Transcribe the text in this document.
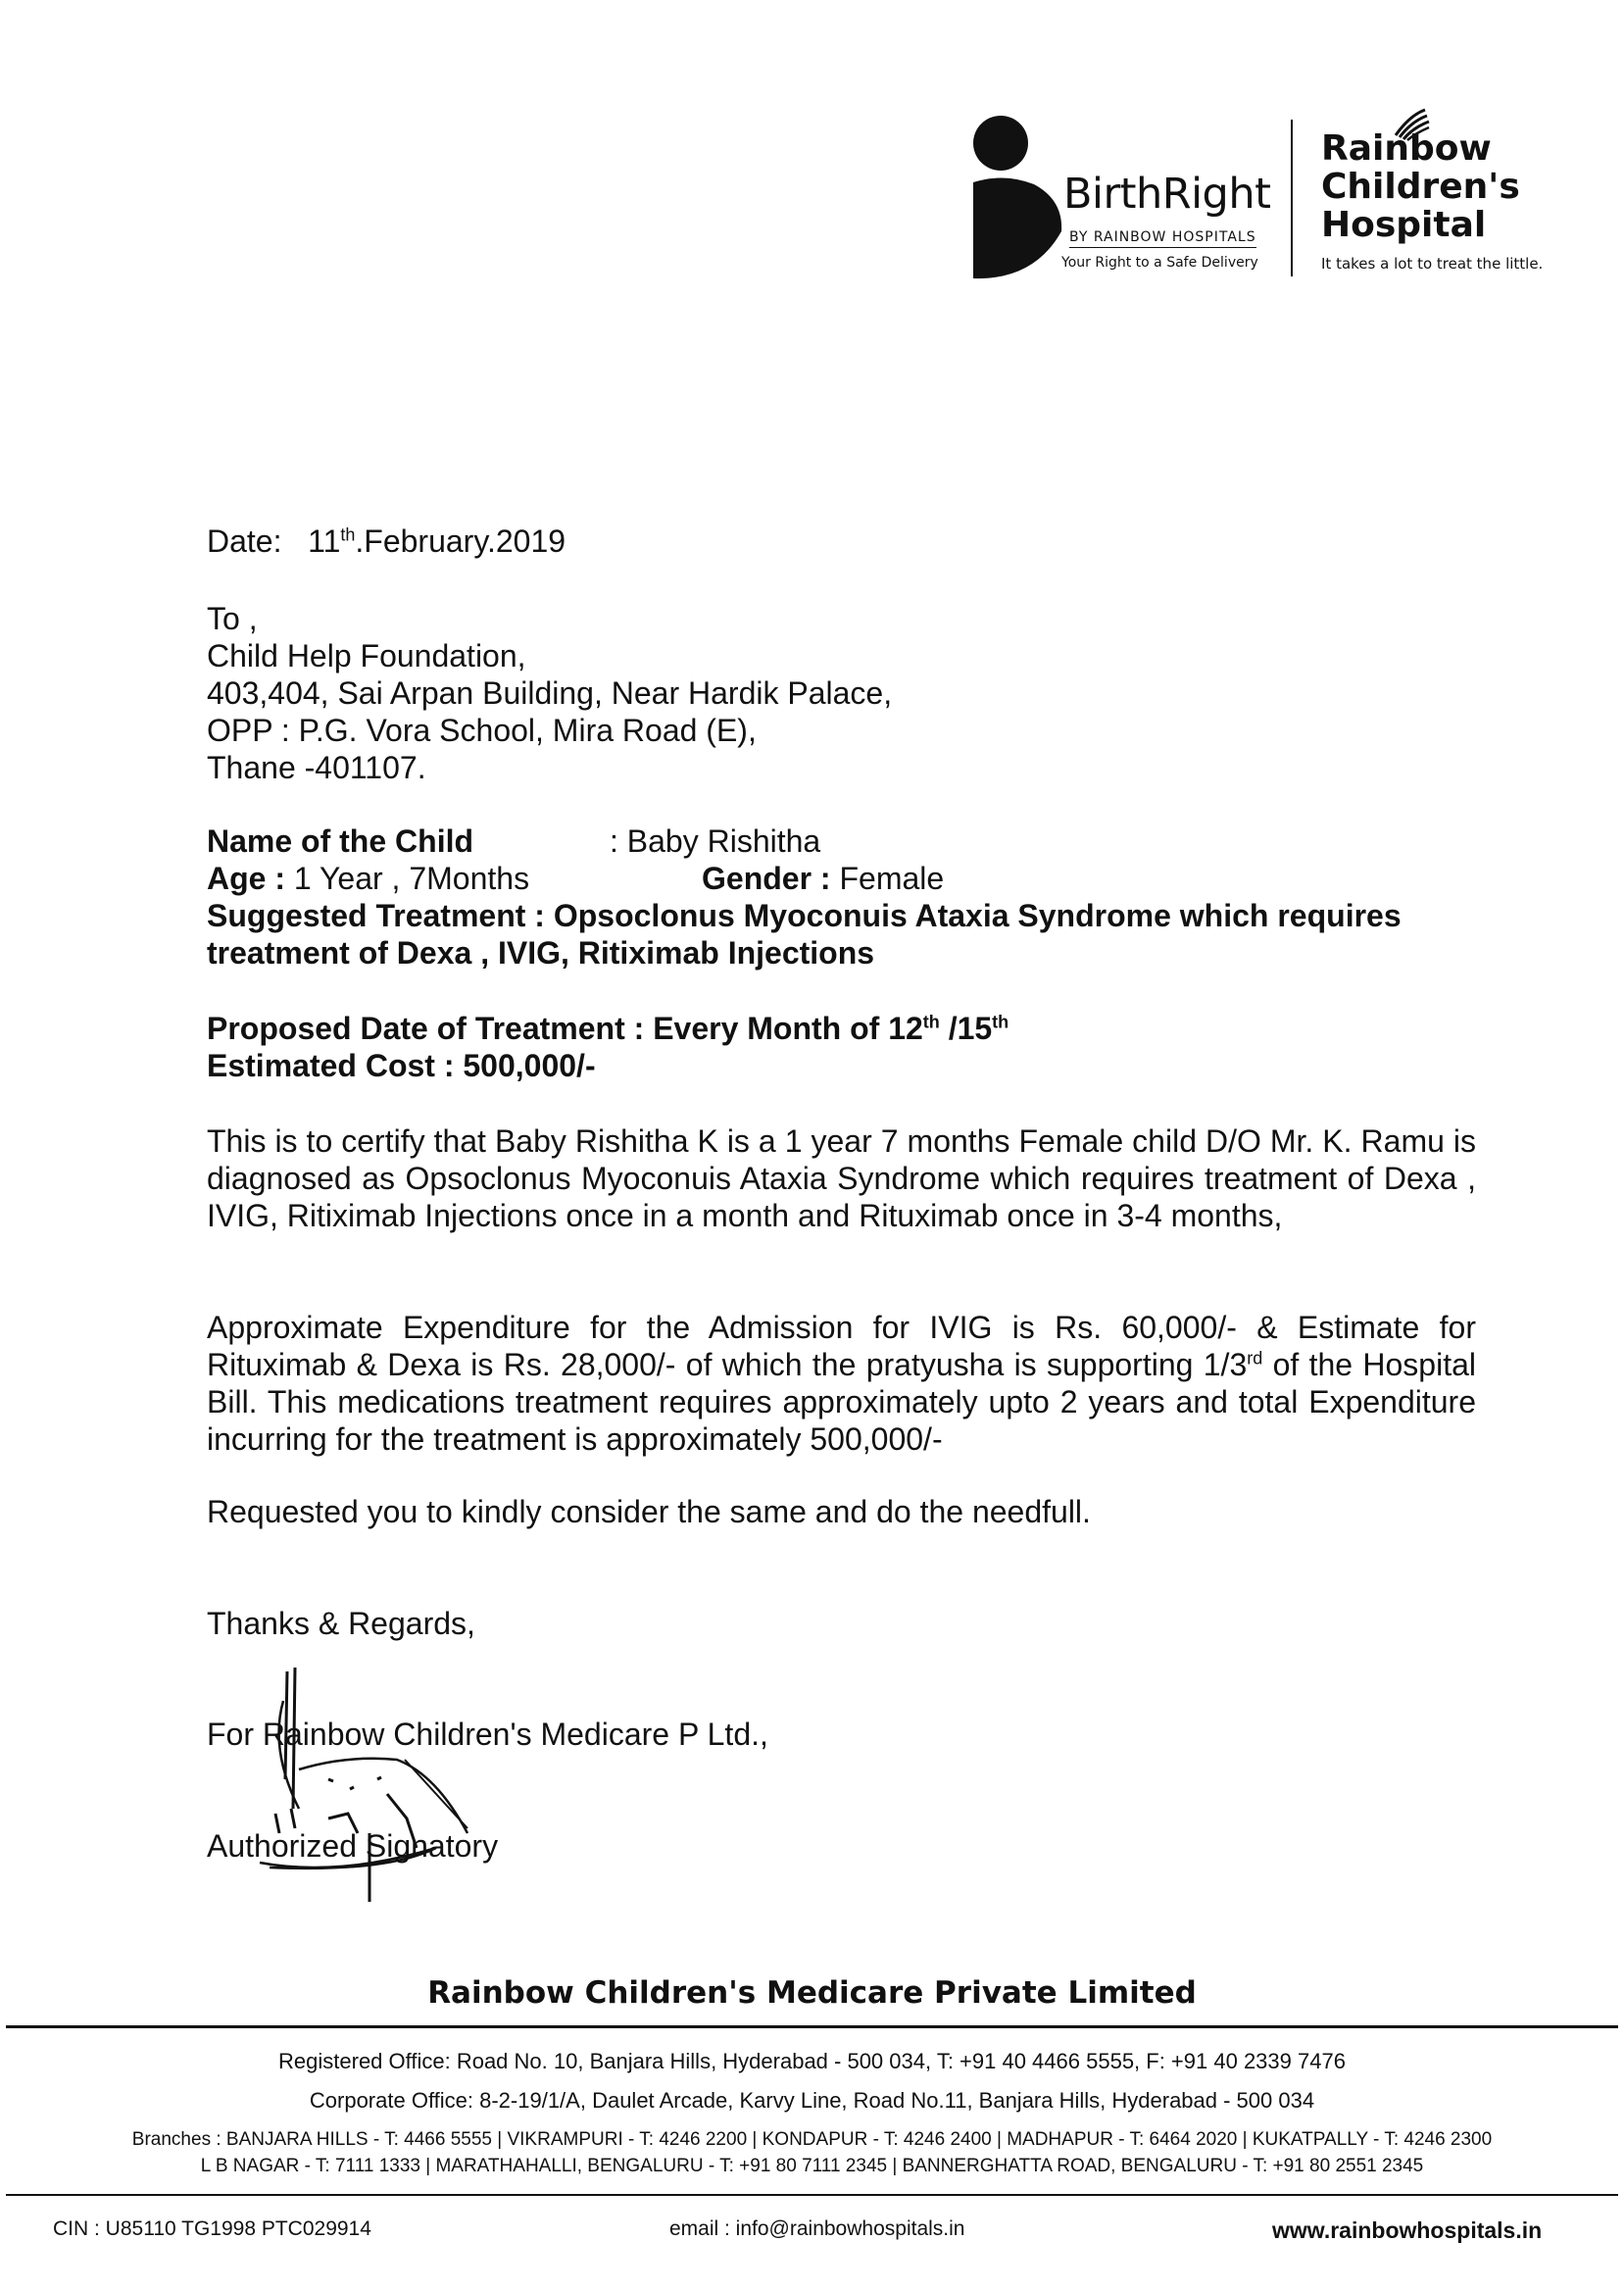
BirthRight
BY RAINBOW HOSPITALS
Your Right to a Safe Delivery
Rainbow
Children's
Hospital
It takes a lot to treat the little.
Date: 11th.February.2019
To ,
Child Help Foundation,
403,404, Sai Arpan Building, Near Hardik Palace,
OPP : P.G. Vora School, Mira Road (E),
Thane -401107.
Name of the Child	: Baby Rishitha
Age : 1 Year , 7Months	Gender : Female
Suggested Treatment : Opsoclonus Myoconuis Ataxia Syndrome which requires
treatment of Dexa , IVIG, Ritiximab Injections
Proposed Date of Treatment : Every Month of 12th /15th
Estimated Cost : 500,000/-
This is to certify that Baby Rishitha K is a 1 year 7 months Female child D/O Mr. K. Ramu is diagnosed as Opsoclonus Myoconuis Ataxia Syndrome which requires treatment of Dexa , IVIG, Ritiximab Injections once in a month and Rituximab once in 3-4 months,
Approximate Expenditure for the Admission for IVIG is Rs. 60,000/- & Estimate for Rituximab & Dexa is Rs. 28,000/- of which the pratyusha is supporting 1/3rd of the Hospital Bill. This medications treatment requires approximately upto 2 years and total Expenditure incurring for the treatment is approximately 500,000/-
Requested you to kindly consider the same and do the needfull.
Thanks & Regards,
For Rainbow Children's Medicare P Ltd.,
Authorized Signatory
Rainbow Children's Medicare Private Limited
Registered Office: Road No. 10, Banjara Hills, Hyderabad - 500 034, T: +91 40 4466 5555, F: +91 40 2339 7476
Corporate Office: 8-2-19/1/A, Daulet Arcade, Karvy Line, Road No.11, Banjara Hills, Hyderabad - 500 034
Branches : BANJARA HILLS - T: 4466 5555 | VIKRAMPURI - T: 4246 2200 | KONDAPUR - T: 4246 2400 | MADHAPUR - T: 6464 2020 | KUKATPALLY - T: 4246 2300
L B NAGAR - T: 7111 1333 | MARATHAHALLI, BENGALURU - T: +91 80 7111 2345 | BANNERGHATTA ROAD, BENGALURU - T: +91 80 2551 2345
CIN : U85110 TG1998 PTC029914	email : info@rainbowhospitals.in	www.rainbowhospitals.in
